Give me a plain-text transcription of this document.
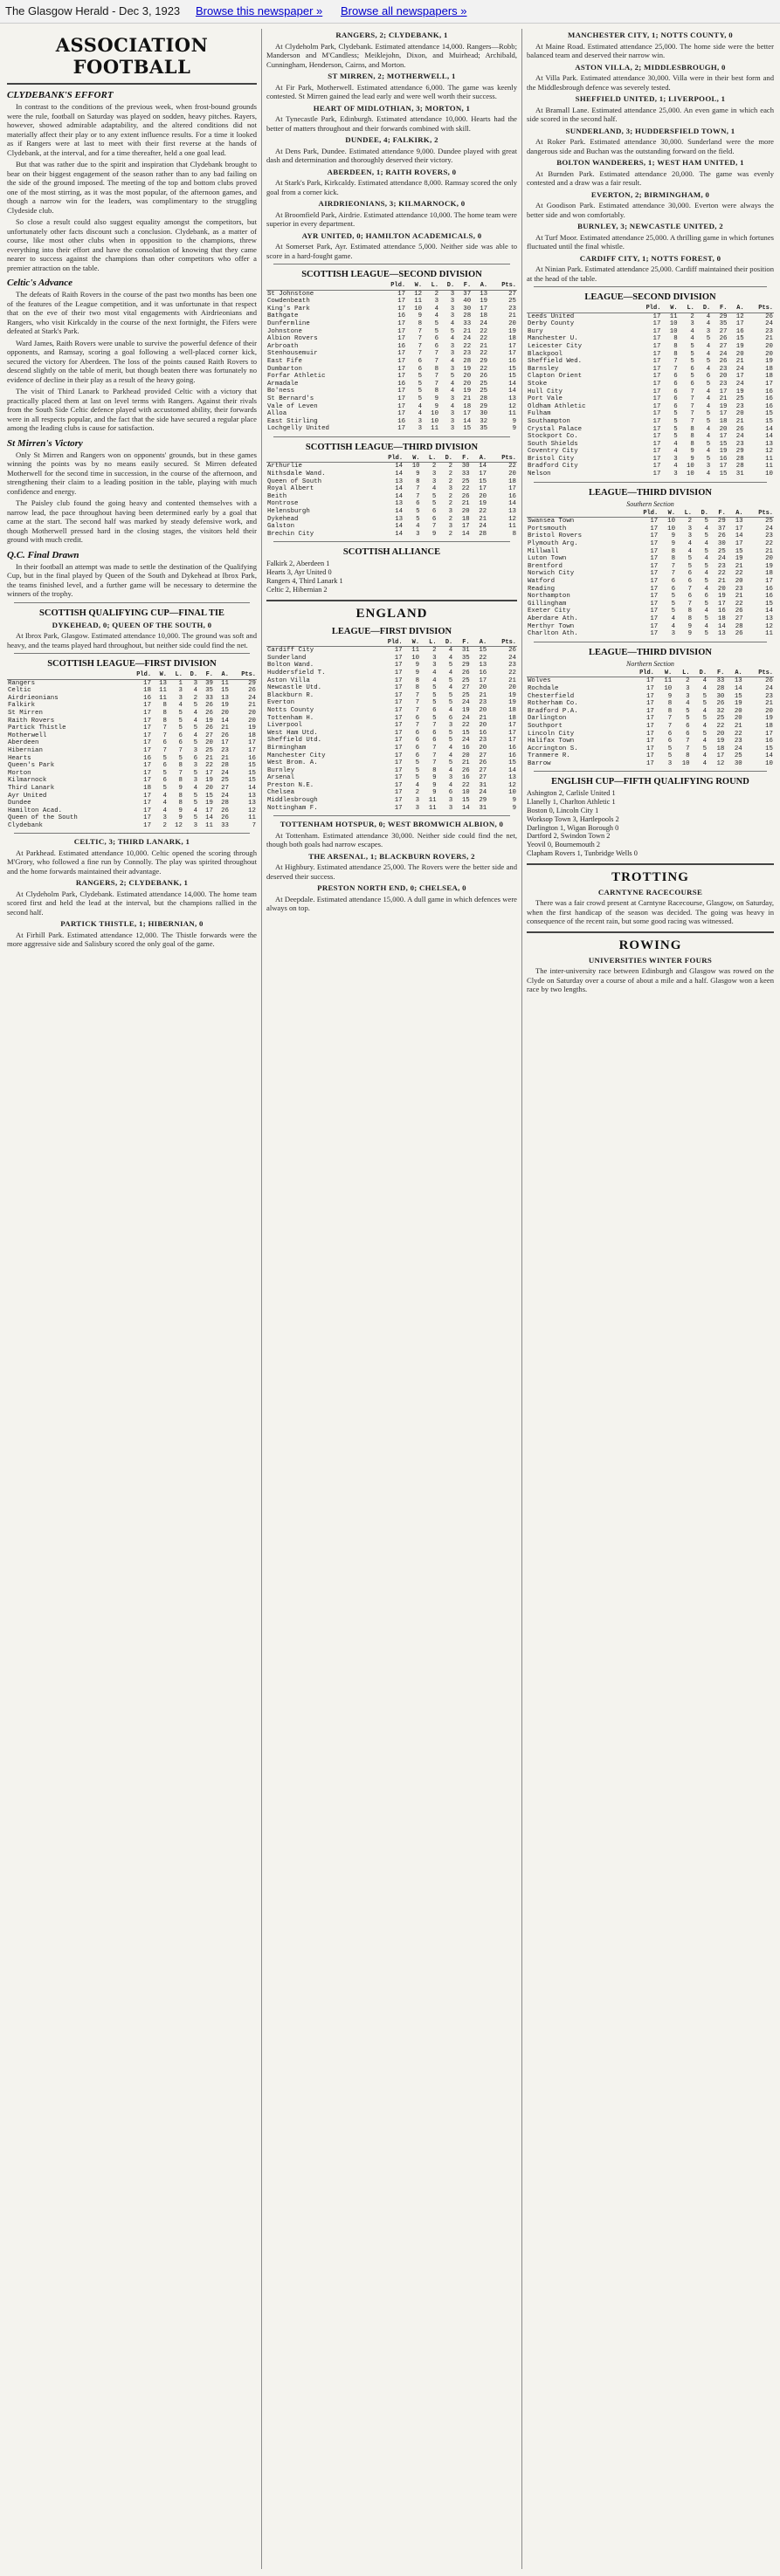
The Glasgow Herald - Dec 3, 1923 Browse this newspaper » Browse all newspapers »
ASSOCIATION FOOTBALL
CLYDEBANK'S EFFORT
In contrast to the conditions of the previous week, when frost-bound grounds were the rule, football on Saturday was played on sodden, heavy pitches. Rayers, however, showed admirable adaptability, and the altered conditions did not materially affect their play or to any extent influence results. For a time it looked as if Rangers were at last to meet with their first reverse at the hands of Clydebank, at the interval, and for a time thereafter, held a one goal lead.
But that was rather due to the spirit and inspiration that Clydebank brought to bear on their biggest engagement of the season rather than to any bad failing on the side of the ground imposed. The meeting of the top and bottom clubs proved one of the most stirring, as it was the most popular, of the afternoon games, and though a narrow win for the leaders, was complimentary to the struggling Clydeside club.
So close a result could also suggest equality amongst the competitors, but unfortunately other facts discount such a conclusion. Clydebank, as a matter of course, like most other clubs when in opposition to the champions, threw everything into their effort and have the consolation of knowing that they came nearer to success against the champions than other competitors who offer a premier attraction on the table.
Celtic's Advance
The defeats of Raith Rovers in the course of the past two months has been one of the features of the League competition, and it was unfortunate in that respect that on the eve of their two most vital engagements with Airdrieonians and Rangers, who visit Kirkcaldy in the course of the next fortnight, the Fifers were defeated at Stark's Park.
Ward James, Raith Rovers were unable to survive the powerful defence of their opponents, and Ramsay, scoring a goal following a well-placed corner kick, secured the victory for Aberdeen. The loss of the points caused Raith Rovers to descend slightly on the table of merit, but though beaten there was fortunately no evidence of decline in their play as a result of the heavy going.
The visit of Third Lanark to Parkhead provided Celtic with a victory that practically placed them at last on level terms with Rangers. Against their rivals from the South Side Celtic defence played with accustomed ability, their forwards were in all respects popular, and the fact that the side have secured a regular place among the leading clubs is cause for satisfaction.
St Mirren's Victory
Only St Mirren and Rangers won on opponents' grounds, but in these games winning the points was by no means easily secured. St Mirren defeated Motherwell for the second time in succession, in the course of the afternoon, and strengthening their claim to a leading position in the table, playing with much confidence and energy.
The Paisley club found the going heavy and contented themselves with a narrow lead, the pace throughout having been determined early by a goal that came at the start. The second half was marked by steady defensive work, and though Motherwell pressed hard in the closing stages, the visitors held their ground with much credit.
Q.C. Final Drawn
In their football an attempt was made to settle the destination of the Qualifying Cup, but in the final played by Queen of the South and Dykehead at Ibrox Park, the teams finished level, and a further game will be necessary to determine the winners of the trophy.
SCOTTISH QUALIFYING CUP—FINAL TIE
DYKEHEAD, 0; QUEEN OF THE SOUTH, 0
At Ibrox Park, Glasgow. Estimated attendance 10,000. The ground was soft and heavy, and the teams played hard throughout, but neither side could find the net.
SCOTTISH LEAGUE—FIRST DIVISION
	Pld.	W.	L.	D.	F.	A.	Pts.
Rangers	17	13	1	3	39	11	29
Celtic	18	11	3	4	35	15	26
Airdrieonians	16	11	3	2	33	13	24
Falkirk	17	8	4	5	26	19	21
St Mirren	17	8	5	4	26	20	20
Raith Rovers	17	8	5	4	19	14	20
Partick Thistle	17	7	5	5	26	21	19
Motherwell	17	7	6	4	27	26	18
Aberdeen	17	6	6	5	20	17	17
Hibernian	17	7	7	3	25	23	17
Hearts	16	5	5	6	21	21	16
Queen's Park	17	6	8	3	22	28	15
Morton	17	5	7	5	17	24	15
Kilmarnock	17	6	8	3	19	25	15
Third Lanark	18	5	9	4	20	27	14
Ayr United	17	4	8	5	15	24	13
Dundee	17	4	8	5	19	28	13
Hamilton Acad.	17	4	9	4	17	26	12
Queen of the South	17	3	9	5	14	26	11
Clydebank	17	2	12	3	11	33	7
CELTIC, 3; THIRD LANARK, 1
At Parkhead. Estimated attendance 10,000. Celtic opened the scoring through M'Grory, who followed a fine run by Connolly. The play was spirited throughout and the home forwards maintained their advantage.
RANGERS, 2; CLYDEBANK, 1
At Clydeholm Park, Clydebank. Estimated attendance 14,000. The home team scored first and held the lead at the interval, but the champions rallied in the second half.
PARTICK THISTLE, 1; HIBERNIAN, 0
At Firhill Park. Estimated attendance 12,000. The Thistle forwards were the more aggressive side and Salisbury scored the only goal of the game.
RANGERS, 2; CLYDEBANK, 1
At Clydeholm Park, Clydebank. Estimated attendance 14,000. Rangers—Robb; Manderson and M'Candless; Meiklejohn, Dixon, and Muirhead; Archibald, Cunningham, Henderson, Cairns, and Morton.
ST MIRREN, 2; MOTHERWELL, 1
At Fir Park, Motherwell. Estimated attendance 6,000. The game was keenly contested. St Mirren gained the lead early and were well worth their success.
HEART OF MIDLOTHIAN, 3; MORTON, 1
At Tynecastle Park, Edinburgh. Estimated attendance 10,000. Hearts had the better of matters throughout and their forwards combined with skill.
DUNDEE, 4; FALKIRK, 2
At Dens Park, Dundee. Estimated attendance 9,000. Dundee played with great dash and determination and thoroughly deserved their victory.
ABERDEEN, 1; RAITH ROVERS, 0
At Stark's Park, Kirkcaldy. Estimated attendance 8,000. Ramsay scored the only goal from a corner kick.
AIRDRIEONIANS, 3; KILMARNOCK, 0
At Broomfield Park, Airdrie. Estimated attendance 10,000. The home team were superior in every department.
AYR UNITED, 0; HAMILTON ACADEMICALS, 0
At Somerset Park, Ayr. Estimated attendance 5,000. Neither side was able to score in a hard-fought game.
SCOTTISH LEAGUE—SECOND DIVISION
	Pld.	W.	L.	D.	F.	A.	Pts.
St Johnstone	17	12	2	3	37	13	27
Cowdenbeath	17	11	3	3	40	19	25
King's Park	17	10	4	3	30	17	23
Bathgate	16	9	4	3	28	18	21
Dunfermline	17	8	5	4	33	24	20
Johnstone	17	7	5	5	21	22	19
Albion Rovers	17	7	6	4	24	22	18
Arbroath	16	7	6	3	22	21	17
Stenhousemuir	17	7	7	3	23	22	17
East Fife	17	6	7	4	28	29	16
Dumbarton	17	6	8	3	19	22	15
Forfar Athletic	17	5	7	5	20	26	15
Armadale	16	5	7	4	20	25	14
Bo'ness	17	5	8	4	19	25	14
St Bernard's	17	5	9	3	21	28	13
Vale of Leven	17	4	9	4	18	29	12
Alloa	17	4	10	3	17	30	11
East Stirling	16	3	10	3	14	32	9
Lochgelly United	17	3	11	3	15	35	9
SCOTTISH LEAGUE—THIRD DIVISION
	Pld.	W.	L.	D.	F.	A.	Pts.
Arthurlie	14	10	2	2	30	14	22
Nithsdale Wand.	14	9	3	2	33	17	20
Queen of South	13	8	3	2	25	15	18
Royal Albert	14	7	4	3	22	17	17
Beith	14	7	5	2	26	20	16
Montrose	13	6	5	2	21	19	14
Helensburgh	14	5	6	3	20	22	13
Dykehead	13	5	6	2	18	21	12
Galston	14	4	7	3	17	24	11
Brechin City	14	3	9	2	14	28	8
SCOTTISH ALLIANCE
Falkirk 2, Aberdeen 1
Hearts 3, Ayr United 0
Rangers 4, Third Lanark 1
Celtic 2, Hibernian 2
ENGLAND
LEAGUE—FIRST DIVISION
	Pld.	W.	L.	D.	F.	A.	Pts.
Cardiff City	17	11	2	4	31	15	26
Sunderland	17	10	3	4	35	22	24
Bolton Wand.	17	9	3	5	29	13	23
Huddersfield T.	17	9	4	4	26	16	22
Aston Villa	17	8	4	5	25	17	21
Newcastle Utd.	17	8	5	4	27	20	20
Blackburn R.	17	7	5	5	25	21	19
Everton	17	7	5	5	24	23	19
Notts County	17	7	6	4	19	20	18
Tottenham H.	17	6	5	6	24	21	18
Liverpool	17	7	7	3	22	20	17
West Ham Utd.	17	6	6	5	15	16	17
Sheffield Utd.	17	6	6	5	24	23	17
Birmingham	17	6	7	4	16	20	16
Manchester City	17	6	7	4	20	27	16
West Brom. A.	17	5	7	5	21	26	15
Burnley	17	5	8	4	26	27	14
Arsenal	17	5	9	3	16	27	13
Preston N.E.	17	4	9	4	22	31	12
Chelsea	17	2	9	6	10	24	10
Middlesbrough	17	3	11	3	15	29	9
Nottingham F.	17	3	11	3	14	31	9
TOTTENHAM HOTSPUR, 0; WEST BROMWICH ALBION, 0
At Tottenham. Estimated attendance 30,000. Neither side could find the net, though both goals had narrow escapes.
THE ARSENAL, 1; BLACKBURN ROVERS, 2
At Highbury. Estimated attendance 25,000. The Rovers were the better side and deserved their success.
PRESTON NORTH END, 0; CHELSEA, 0
At Deepdale. Estimated attendance 15,000. A dull game in which defences were always on top.
MANCHESTER CITY, 1; NOTTS COUNTY, 0
At Maine Road. Estimated attendance 25,000. The home side were the better balanced team and deserved their narrow win.
ASTON VILLA, 2; MIDDLESBROUGH, 0
At Villa Park. Estimated attendance 30,000. Villa were in their best form and the Middlesbrough defence was severely tested.
SHEFFIELD UNITED, 1; LIVERPOOL, 1
At Bramall Lane. Estimated attendance 25,000. An even game in which each side scored in the second half.
SUNDERLAND, 3; HUDDERSFIELD TOWN, 1
At Roker Park. Estimated attendance 30,000. Sunderland were the more dangerous side and Buchan was the outstanding forward on the field.
BOLTON WANDERERS, 1; WEST HAM UNITED, 1
At Burnden Park. Estimated attendance 20,000. The game was evenly contested and a draw was a fair result.
EVERTON, 2; BIRMINGHAM, 0
At Goodison Park. Estimated attendance 30,000. Everton were always the better side and won comfortably.
BURNLEY, 3; NEWCASTLE UNITED, 2
At Turf Moor. Estimated attendance 25,000. A thrilling game in which fortunes fluctuated until the final whistle.
CARDIFF CITY, 1; NOTTS FOREST, 0
At Ninian Park. Estimated attendance 25,000. Cardiff maintained their position at the head of the table.
LEAGUE—SECOND DIVISION
	Pld.	W.	L.	D.	F.	A.	Pts.
Leeds United	17	11	2	4	29	12	26
Derby County	17	10	3	4	35	17	24
Bury	17	10	4	3	27	16	23
Manchester U.	17	8	4	5	26	15	21
Leicester City	17	8	5	4	27	19	20
Blackpool	17	8	5	4	24	20	20
Sheffield Wed.	17	7	5	5	26	21	19
Barnsley	17	7	6	4	23	24	18
Clapton Orient	17	6	5	6	20	17	18
Stoke	17	6	6	5	23	24	17
Hull City	17	6	7	4	17	19	16
Port Vale	17	6	7	4	21	25	16
Oldham Athletic	17	6	7	4	19	23	16
Fulham	17	5	7	5	17	20	15
Southampton	17	5	7	5	18	21	15
Crystal Palace	17	5	8	4	20	26	14
Stockport Co.	17	5	8	4	17	24	14
South Shields	17	4	8	5	15	23	13
Coventry City	17	4	9	4	19	29	12
Bristol City	17	3	9	5	16	28	11
Bradford City	17	4	10	3	17	28	11
Nelson	17	3	10	4	15	31	10
LEAGUE—THIRD DIVISION
Southern Section
	Pld.	W.	L.	D.	F.	A.	Pts.
Swansea Town	17	10	2	5	29	13	25
Portsmouth	17	10	3	4	37	17	24
Bristol Rovers	17	9	3	5	26	14	23
Plymouth Arg.	17	9	4	4	30	17	22
Millwall	17	8	4	5	25	15	21
Luton Town	17	8	5	4	24	19	20
Brentford	17	7	5	5	23	21	19
Norwich City	17	7	6	4	22	22	18
Watford	17	6	6	5	21	20	17
Reading	17	6	7	4	20	23	16
Northampton	17	5	6	6	19	21	16
Gillingham	17	5	7	5	17	22	15
Exeter City	17	5	8	4	16	26	14
Aberdare Ath.	17	4	8	5	18	27	13
Merthyr Town	17	4	9	4	14	28	12
Charlton Ath.	17	3	9	5	13	26	11
LEAGUE—THIRD DIVISION
Northern Section
	Pld.	W.	L.	D.	F.	A.	Pts.
Wolves	17	11	2	4	33	13	26
Rochdale	17	10	3	4	28	14	24
Chesterfield	17	9	3	5	30	15	23
Rotherham Co.	17	8	4	5	26	19	21
Bradford P.A.	17	8	5	4	32	20	20
Darlington	17	7	5	5	25	20	19
Southport	17	7	6	4	22	21	18
Lincoln City	17	6	6	5	20	22	17
Halifax Town	17	6	7	4	19	23	16
Accrington S.	17	5	7	5	18	24	15
Tranmere R.	17	5	8	4	17	25	14
Barrow	17	3	10	4	12	30	10
ENGLISH CUP—FIFTH QUALIFYING ROUND
Ashington 2, Carlisle United 1
Llanelly 1, Charlton Athletic 1
Boston 0, Lincoln City 1
Worksop Town 3, Hartlepools 2
Darlington 1, Wigan Borough 0
Dartford 2, Swindon Town 2
Yeovil 0, Bournemouth 2
Clapham Rovers 1, Tunbridge Wells 0
TROTTING
CARNTYNE RACECOURSE
There was a fair crowd present at Carntyne Racecourse, Glasgow, on Saturday, when the first handicap of the season was decided. The going was heavy in consequence of the recent rain, but some good racing was witnessed.
ROWING
UNIVERSITIES WINTER FOURS
The inter-university race between Edinburgh and Glasgow was rowed on the Clyde on Saturday over a course of about a mile and a half. Glasgow won a keen race by two lengths.
